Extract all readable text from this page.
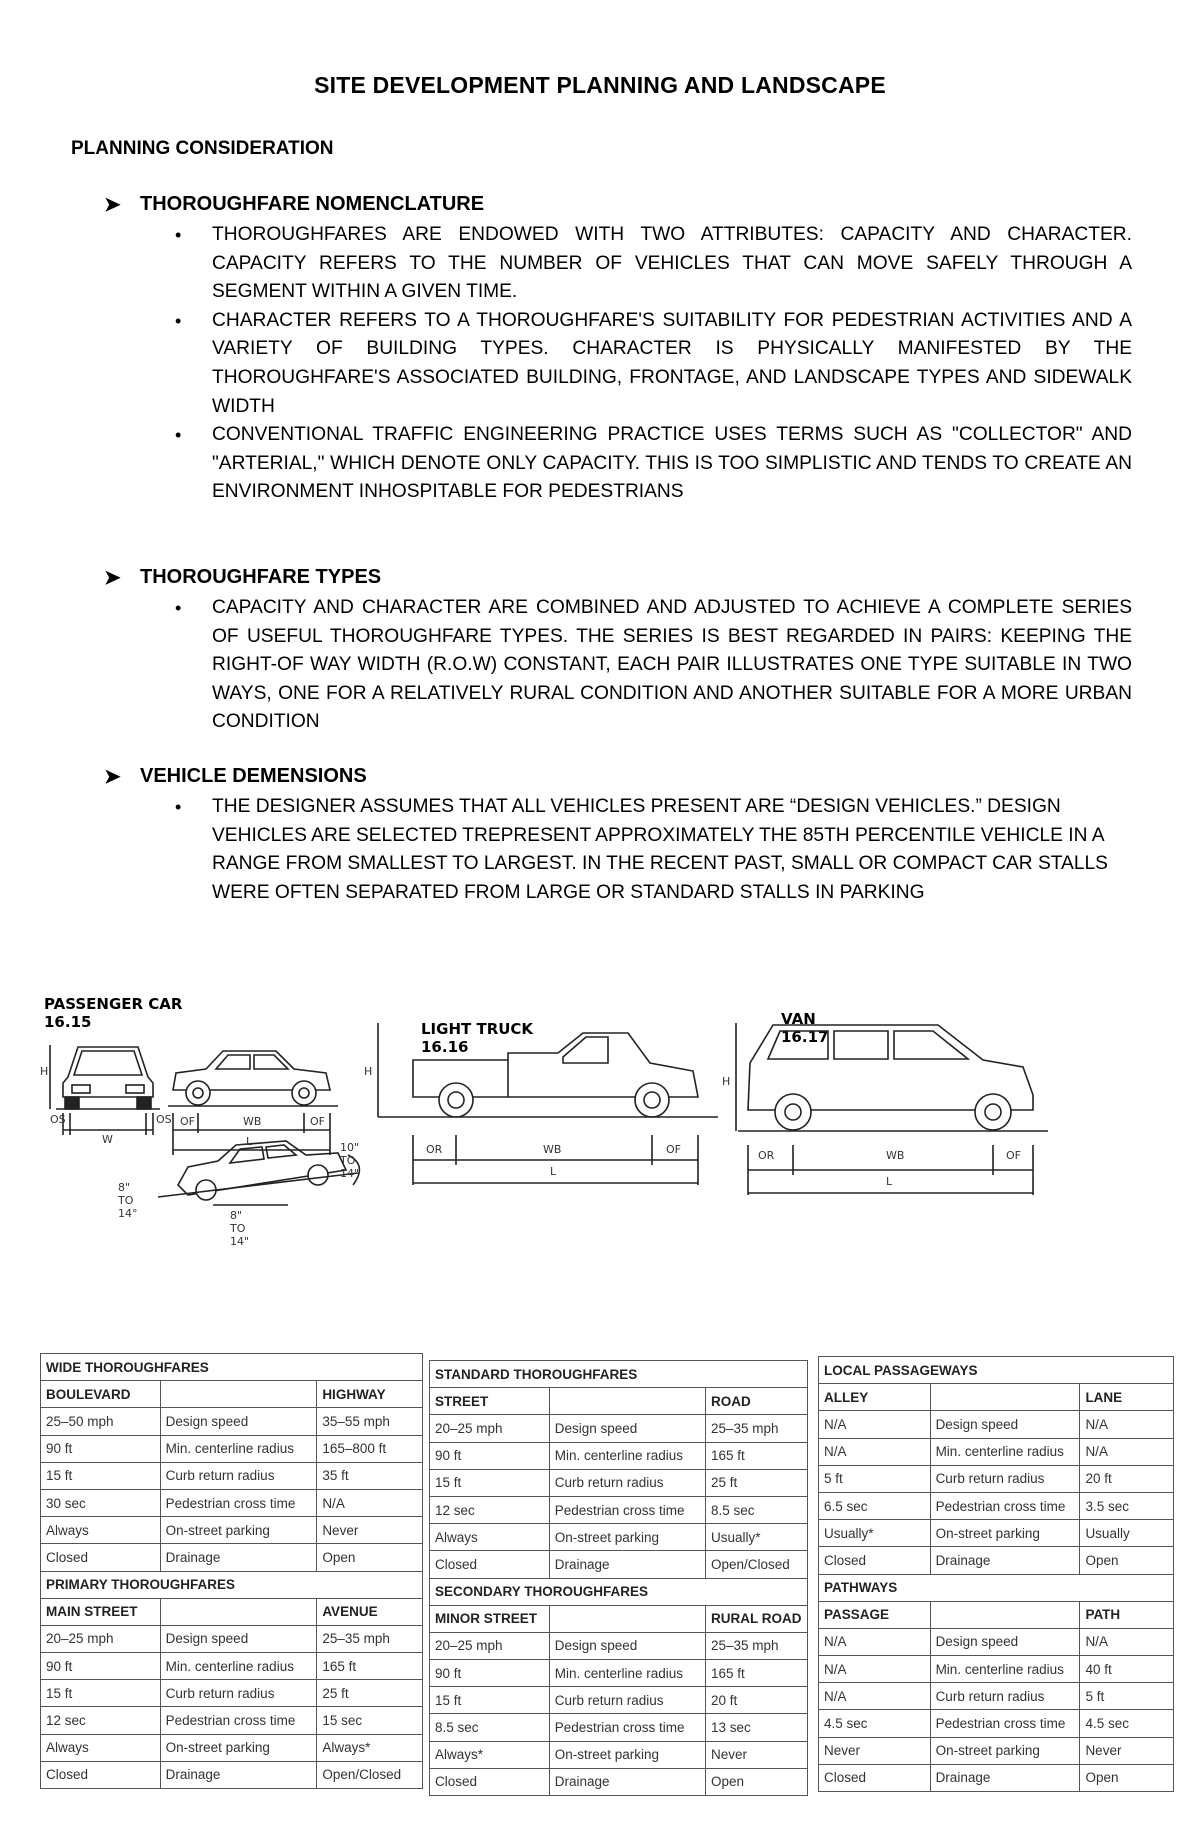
SITE DEVELOPMENT PLANNING AND LANDSCAPE
PLANNING CONSIDERATION
➤ THOROUGHFARE NOMENCLATURE
• THOROUGHFARES ARE ENDOWED WITH TWO ATTRIBUTES: CAPACITY AND CHARACTER. CAPACITY REFERS TO THE NUMBER OF VEHICLES THAT CAN MOVE SAFELY THROUGH A SEGMENT WITHIN A GIVEN TIME.
• CHARACTER REFERS TO A THOROUGHFARE'S SUITABILITY FOR PEDESTRIAN ACTIVITIES AND A VARIETY OF BUILDING TYPES. CHARACTER IS PHYSICALLY MANIFESTED BY THE THOROUGHFARE'S ASSOCIATED BUILDING, FRONTAGE, AND LANDSCAPE TYPES AND SIDEWALK WIDTH
• CONVENTIONAL TRAFFIC ENGINEERING PRACTICE USES TERMS SUCH AS "COLLECTOR" AND "ARTERIAL," WHICH DENOTE ONLY CAPACITY. THIS IS TOO SIMPLISTIC AND TENDS TO CREATE AN ENVIRONMENT INHOSPITABLE FOR PEDESTRIANS
➤ THOROUGHFARE TYPES
• CAPACITY AND CHARACTER ARE COMBINED AND ADJUSTED TO ACHIEVE A COMPLETE SERIES OF USEFUL THOROUGHFARE TYPES. THE SERIES IS BEST REGARDED IN PAIRS: KEEPING THE RIGHT-OF WAY WIDTH (R.O.W) CONSTANT, EACH PAIR ILLUSTRATES ONE TYPE SUITABLE IN TWO WAYS, ONE FOR A RELATIVELY RURAL CONDITION AND ANOTHER SUITABLE FOR A MORE URBAN CONDITION
➤ VEHICLE DEMENSIONS
• THE DESIGNER ASSUMES THAT ALL VEHICLES PRESENT ARE “DESIGN VEHICLES.” DESIGN VEHICLES ARE SELECTED TREPRESENT APPROXIMATELY THE 85TH PERCENTILE VEHICLE IN A RANGE FROM SMALLEST TO LARGEST. IN THE RECENT PAST, SMALL OR COMPACT CAR STALLS WERE OFTEN SEPARATED FROM LARGE OR STANDARD STALLS IN PARKING
PASSENGER CAR
16.15	LIGHT TRUCK
16.16
VAN
16.17
H
OS
W
OS OF	WB	OF
L
8" TO 14°	8" TO 14"
10" TO 14"
H
OR	WB	OF
L
H
OR	WB	OF
L
WIDE THOROUGHFARES		
BOULEVARD		HIGHWAY
25–50 mph	Design speed	35–55 mph
90 ft	Min. centerline radius	165–800 ft
15 ft	Curb return radius	35 ft
30 sec	Pedestrian cross time	N/A
Always	On-street parking	Never
Closed	Drainage	Open
PRIMARY THOROUGHFARES		
MAIN STREET		AVENUE
20–25 mph	Design speed	25–35 mph
90 ft	Min. centerline radius	165 ft
15 ft	Curb return radius	25 ft
12 sec	Pedestrian cross time	15 sec
Always	On-street parking	Always*
Closed	Drainage	Open/Closed
STANDARD THOROUGHFARES		
STREET		ROAD
20–25 mph	Design speed	25–35 mph
90 ft	Min. centerline radius	165 ft
15 ft	Curb return radius	25 ft
12 sec	Pedestrian cross time	8.5 sec
Always	On-street parking	Usually*
Closed	Drainage	Open/Closed
SECONDARY THOROUGHFARES		
MINOR STREET		RURAL ROAD
20–25 mph	Design speed	25–35 mph
90 ft	Min. centerline radius	165 ft
15 ft	Curb return radius	20 ft
8.5 sec	Pedestrian cross time	13 sec
Always*	On-street parking	Never
Closed	Drainage	Open
LOCAL PASSAGEWAYS		
ALLEY		LANE
N/A	Design speed	N/A
N/A	Min. centerline radius	N/A
5 ft	Curb return radius	20 ft
6.5 sec	Pedestrian cross time	3.5 sec
Usually*	On-street parking	Usually
Closed	Drainage	Open
PATHWAYS		
PASSAGE		PATH
N/A	Design speed	N/A
N/A	Min. centerline radius	40 ft
N/A	Curb return radius	5 ft
4.5 sec	Pedestrian cross time	4.5 sec
Never	On-street parking	Never
Closed	Drainage	Open
